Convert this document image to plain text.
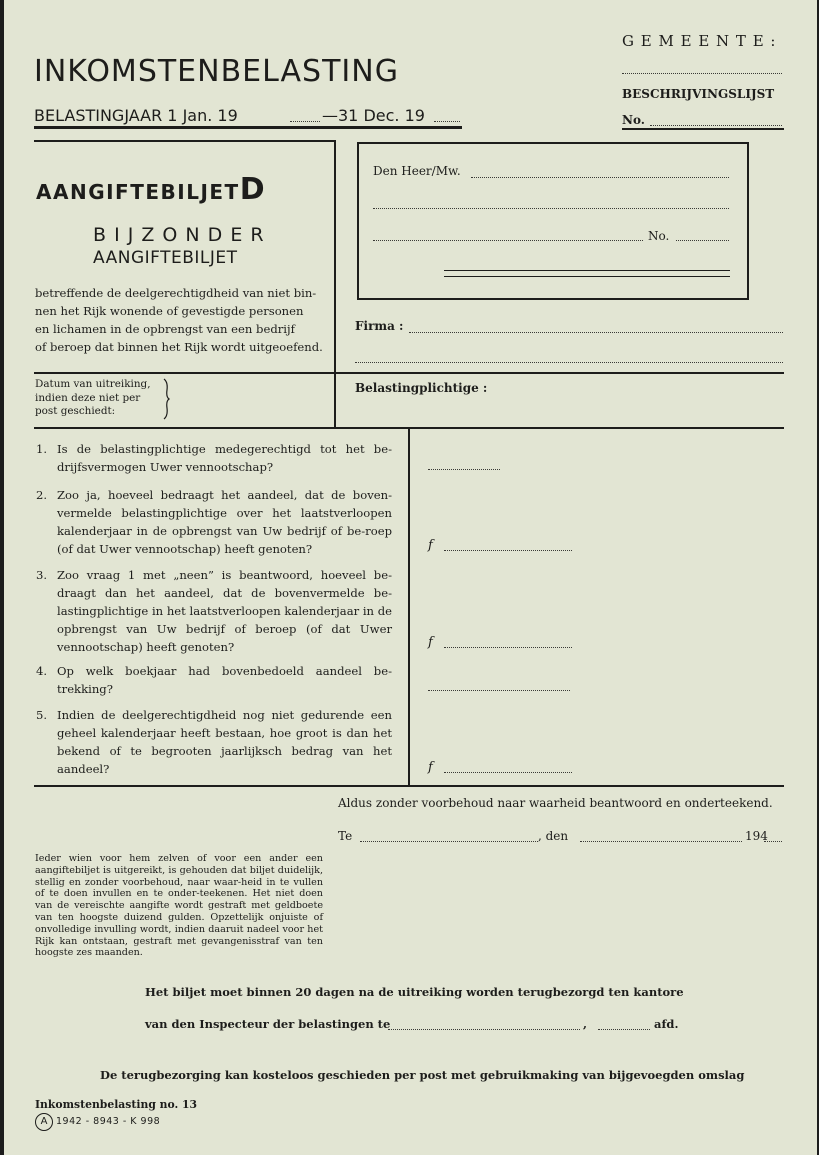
INKOMSTENBELASTING
BELASTINGJAAR 1 Jan. 19	—31 Dec. 19
G E M E E N T E :
BESCHRIJVINGSLIJST
No.
AANGIFTEBILJETD
B I J Z O N D E R
AANGIFTEBILJET
betreffende de deelgerechtigdheid van niet bin-
nen het Rijk wonende of gevestigde personen
en lichamen in de opbrengst van een bedrijf
of beroep dat binnen het Rijk wordt uitgeoefend.
Den Heer/Mw.
No.
Firma :
Datum van uitreiking,
indien deze niet per
post geschiedt:
Belastingplichtige :
1. Is de belastingplichtige medegerechtigd tot het be-drijfsvermogen Uwer vennootschap?

2. Zoo ja, hoeveel bedraagt het aandeel, dat de boven-vermelde belastingplichtige over het laatstverloopen kalenderjaar in de opbrengst van Uw bedrijf of be-roep (of dat Uwer vennootschap) heeft genoten?	f
3. Zoo vraag 1 met „neen” is beantwoord, hoeveel be-draagt dan het aandeel, dat de bovenvermelde be-lastingplichtige in het laatstverloopen kalenderjaar in de opbrengst van Uw bedrijf of beroep (of dat Uwer vennootschap) heeft genoten?	f
4. Op welk boekjaar had bovenbedoeld aandeel be-trekking?

5. Indien de deelgerechtigdheid nog niet gedurende een geheel kalenderjaar heeft bestaan, hoe groot is dan het bekend of te begrooten jaarlijksch bedrag van het aandeel?	f
Aldus zonder voorbehoud naar waarheid beantwoord en onderteekend.
Te	, den	194
Ieder wien voor hem zelven of voor een ander een aangiftebiljet is uitgereikt, is gehouden dat biljet duidelijk, stellig en zonder voorbehoud, naar waar-heid in te vullen of te doen invullen en te onder-teekenen. Het niet doen van de vereischte aangifte wordt gestraft met geldboete van ten hoogste duizend gulden. Opzettelijk onjuiste of onvolledige invulling wordt, indien daaruit nadeel voor het Rijk kan ontstaan, gestraft met gevangenisstraf van ten hoogste zes maanden.
Het biljet moet binnen 20 dagen na de uitreiking worden terugbezorgd ten kantore
van den Inspecteur der belastingen te	,	afd.
De terugbezorging kan kosteloos geschieden per post met gebruikmaking van bijgevoegden omslag
Inkomstenbelasting no. 13
A 1942 - 8943 - K 998
